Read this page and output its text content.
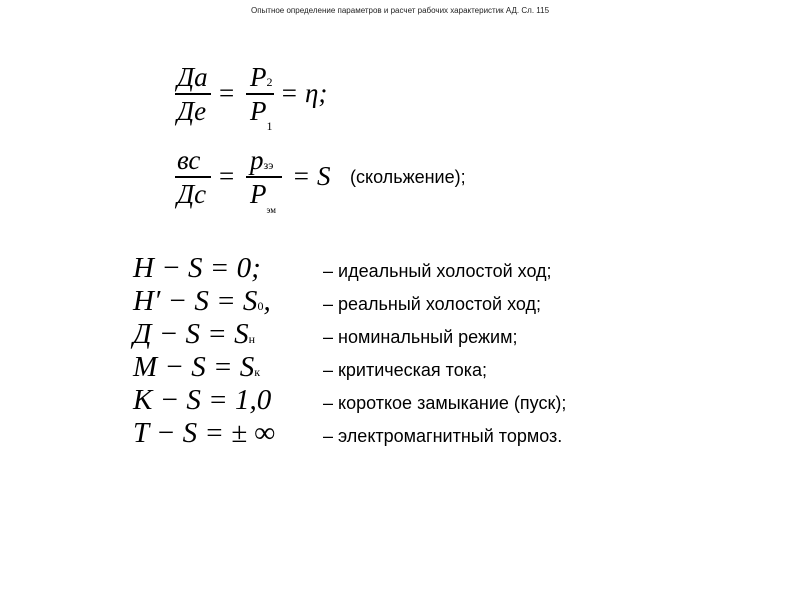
Опытное определение параметров и расчет рабочих характеристик АД. Сл. 115
Да
Де
=
P2
$P_1$
= η;
вс
Дс
=
pзэ
$P_{эм}$
= S (скольжение);
H − S = 0;	– идеальный холостой ход;
H′ − S = S0,	– реальный холостой ход;
Д − S = Sн	– номинальный режим;
M − S = Sк	– критическая тока;
K − S = 1,0	– короткое замыкание (пуск);
T − S = ± ∞	– электромагнитный тормоз.
